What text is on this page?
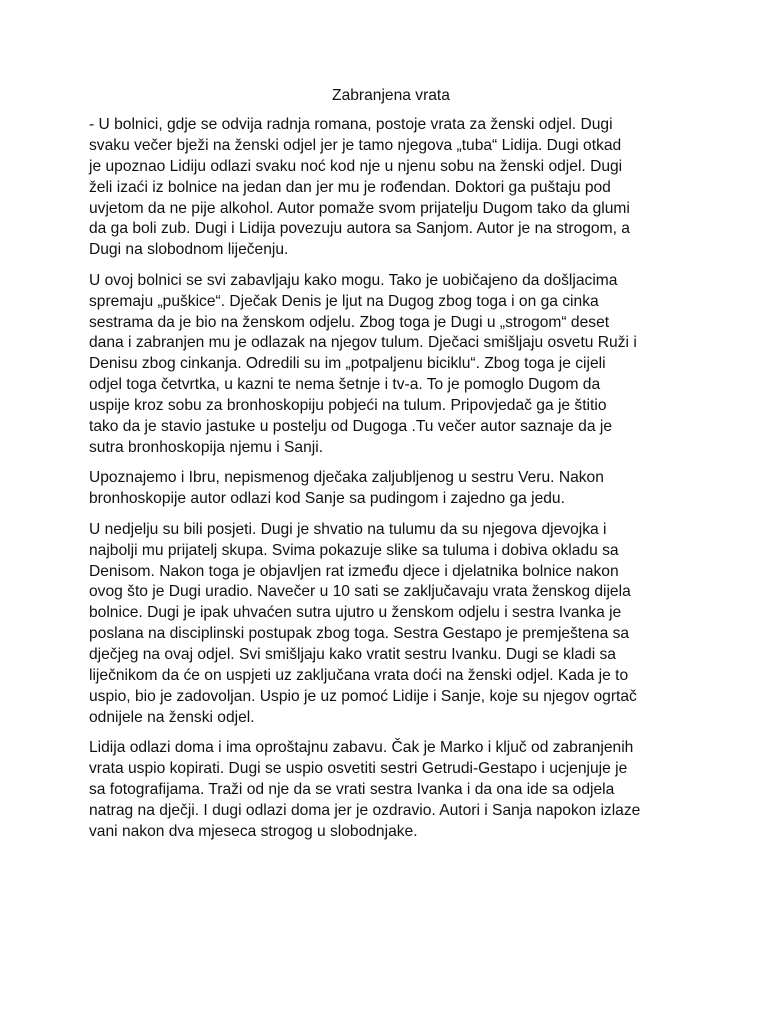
Zabranjena vrata

- U bolnici, gdje se odvija radnja romana, postoje vrata za ženski odjel. Dugi
svaku večer bježi na ženski odjel jer je tamo njegova „tuba“ Lidija. Dugi otkad
je upoznao Lidiju odlazi svaku noć kod nje u njenu sobu na ženski odjel. Dugi
želi izaći iz bolnice na jedan dan jer mu je rođendan. Doktori ga puštaju pod
uvjetom da ne pije alkohol. Autor pomaže svom prijatelju Dugom tako da glumi
da ga boli zub. Dugi i Lidija povezuju autora sa Sanjom. Autor je na strogom, a
Dugi na slobodnom liječenju.

U ovoj bolnici se svi zabavljaju kako mogu. Tako je uobičajeno da došljacima
spremaju „puškice“. Dječak Denis je ljut na Dugog zbog toga i on ga cinka
sestrama da je bio na ženskom odjelu. Zbog toga je Dugi u „strogom“ deset
dana i zabranjen mu je odlazak na njegov tulum. Dječaci smišljaju osvetu Ruži i
Denisu zbog cinkanja. Odredili su im „potpaljenu biciklu“. Zbog toga je cijeli
odjel toga četvrtka, u kazni te nema šetnje i tv-a. To je pomoglo Dugom da
uspije kroz sobu za bronhoskopiju pobjeći na tulum. Pripovjedač ga je štitio
tako da je stavio jastuke u postelju od Dugoga .Tu večer autor saznaje da je
sutra bronhoskopija njemu i Sanji.

Upoznajemo i Ibru, nepismenog dječaka zaljubljenog u sestru Veru. Nakon
bronhoskopije autor odlazi kod Sanje sa pudingom i zajedno ga jedu.

U nedjelju su bili posjeti. Dugi je shvatio na tulumu da su njegova djevojka i
najbolji mu prijatelj skupa. Svima pokazuje slike sa tuluma i dobiva okladu sa
Denisom. Nakon toga je objavljen rat između djece i djelatnika bolnice nakon
ovog što je Dugi uradio. Navečer u 10 sati se zaključavaju vrata ženskog dijela
bolnice. Dugi je ipak uhvaćen sutra ujutro u ženskom odjelu i sestra Ivanka je
poslana na disciplinski postupak zbog toga. Sestra Gestapo je premještena sa
dječjeg na ovaj odjel. Svi smišljaju kako vratit sestru Ivanku. Dugi se kladi sa
liječnikom da će on uspjeti uz zaključana vrata doći na ženski odjel. Kada je to
uspio, bio je zadovoljan. Uspio je uz pomoć Lidije i Sanje, koje su njegov ogrtač
odnijele na ženski odjel.

Lidija odlazi doma i ima oproštajnu zabavu. Čak je Marko i ključ od zabranjenih
vrata uspio kopirati. Dugi se uspio osvetiti sestri Getrudi-Gestapo i ucjenjuje je
sa fotografijama. Traži od nje da se vrati sestra Ivanka i da ona ide sa odjela
natrag na dječji. I dugi odlazi doma jer je ozdravio. Autori i Sanja napokon izlaze
vani nakon dva mjeseca strogog u slobodnjake.
